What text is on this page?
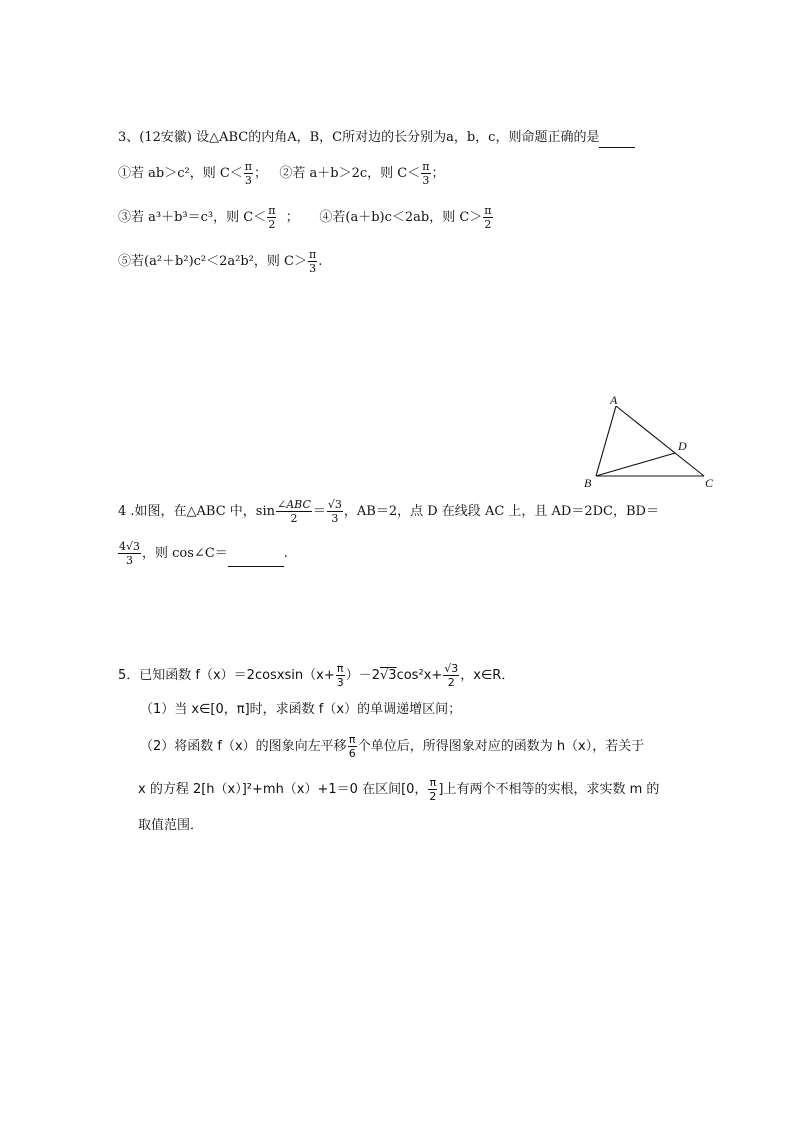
3、(12安徽) 设△ABC的内角A，B，C所对边的长分别为a，b，c，则命题正确的是
①若 ab＞c²，则 $C< \frac{\pi}{3}$ ；   ②若 a＋b＞2c，则 $C< \frac{\pi}{3}$ ；
③若 a³＋b³＝c³，则 $C< \frac{\pi}{2}$ ；     ④若(a＋b)c＜2ab，则 $C> \frac{\pi}{2}$
⑤若(a²＋b²)c²＜2a²b²，则 $C> \frac{\pi}{3}$ .
A
B	C
D
4 .如图，在△ABC 中，$\sin \frac{\text{∠ABC}}{2} = \frac{√3}{3}$ ，AB＝2，点 D 在线段 AC 上，且 AD＝2DC，BD＝
$\frac{4√3}{3}$ ，则 cos∠C＝	.
5．已知函数 f（x）＝2cosxsin（x+ $\frac{\pi}{3} )-2√3\cos^2x+ \frac{√3}{2}$ ，x∈R．
（1）当 x∈[0，π]时，求函数 f（x）的单调递增区间；
（2）将函数 f（x）的图象向左平移 $\frac{\pi}{6}$ 个单位后，所得图象对应的函数为 h（x），若关于
x 的方程 2[h（x）]²+mh（x）+1＝0 在区间[0， $\frac{\pi}{2}$ ]上有两个不相等的实根，求实数 m 的
取值范围．
